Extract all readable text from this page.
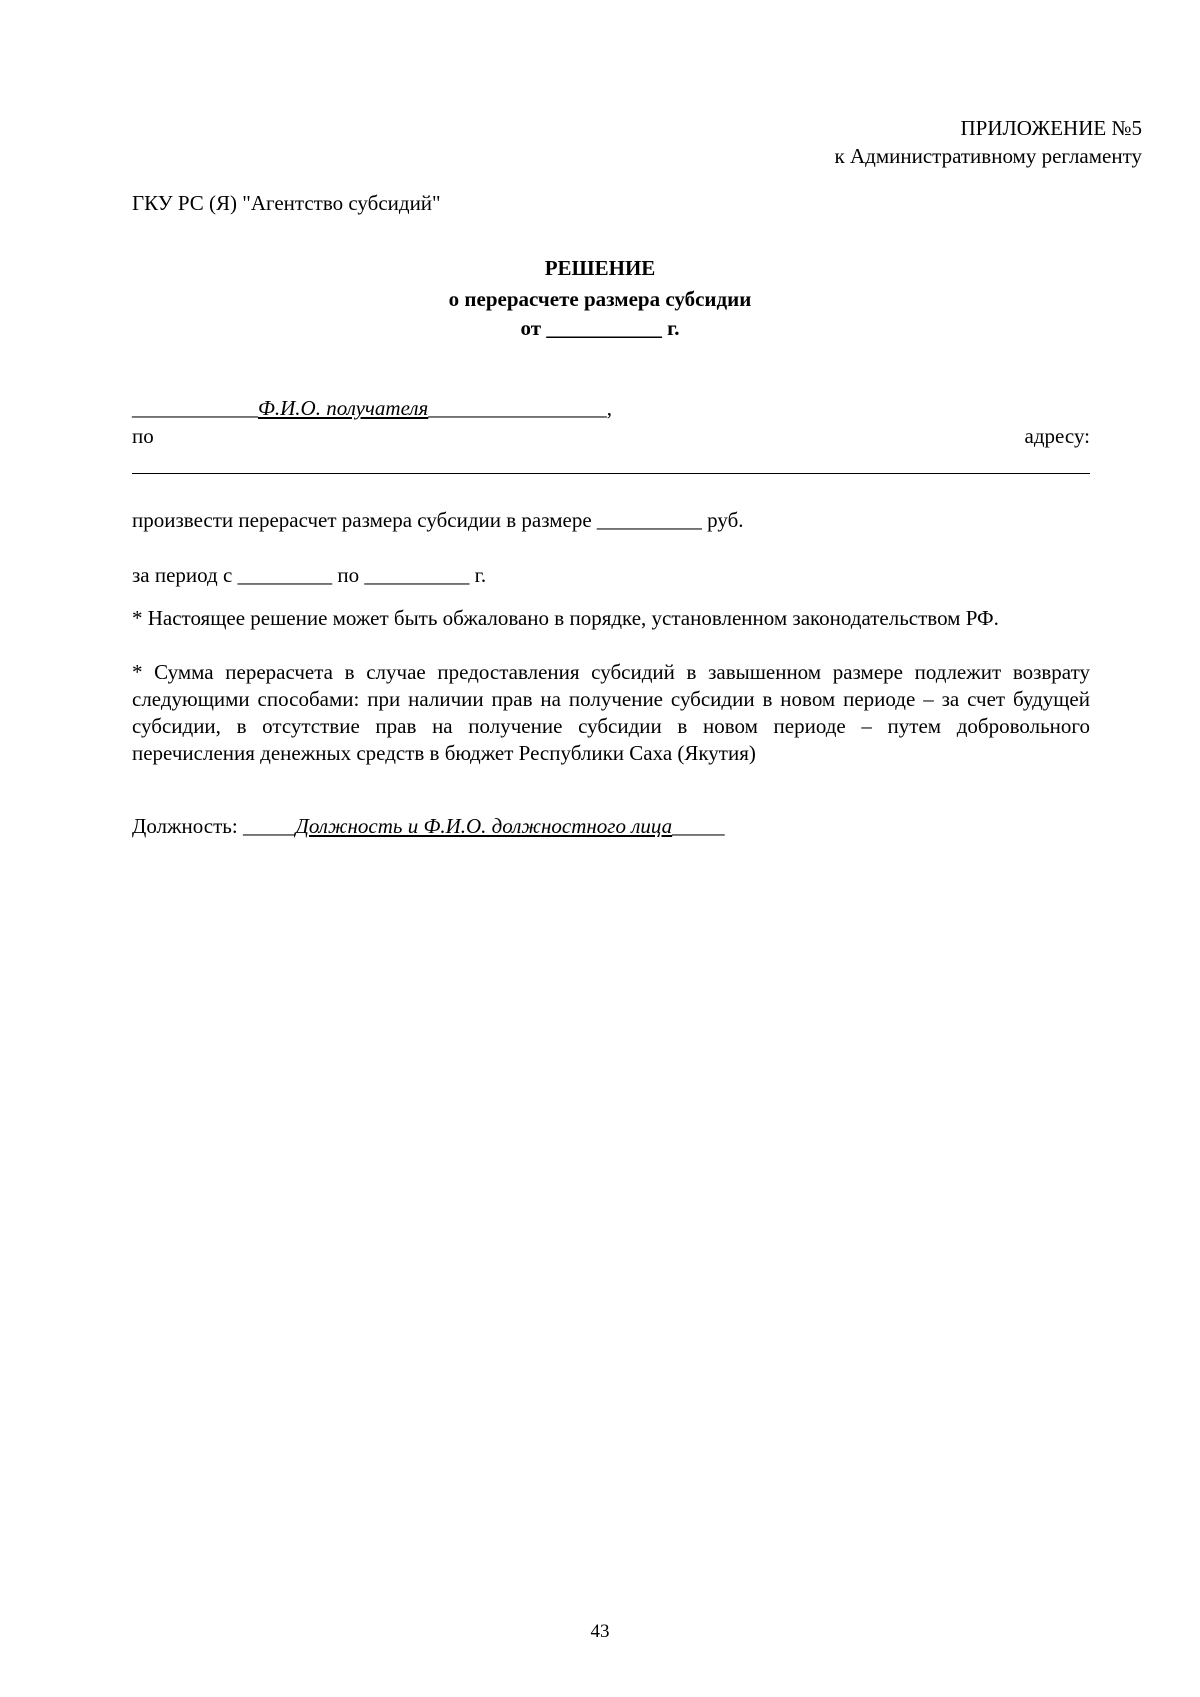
ПРИЛОЖЕНИЕ №5
к Административному регламенту
ГКУ РС (Я) "Агентство субсидий"
РЕШЕНИЕ
о перерасчете размера субсидии
от ___________ г.
____________Ф.И.О. получателя_________________,
по	адресу:
произвести перерасчет размера субсидии в размере __________ руб.
за период с _________ по __________ г.
* Настоящее решение может быть обжаловано в порядке, установленном законодательством РФ.
* Сумма перерасчета в случае предоставления субсидий в завышенном размере подлежит возврату следующими способами: при наличии прав на получение субсидии в новом периоде – за счет будущей субсидии, в отсутствие прав на получение субсидии в новом периоде – путем добровольного перечисления денежных средств в бюджет Республики Саха (Якутия)
Должность: _____Должность и Ф.И.О. должностного лица_____
43
